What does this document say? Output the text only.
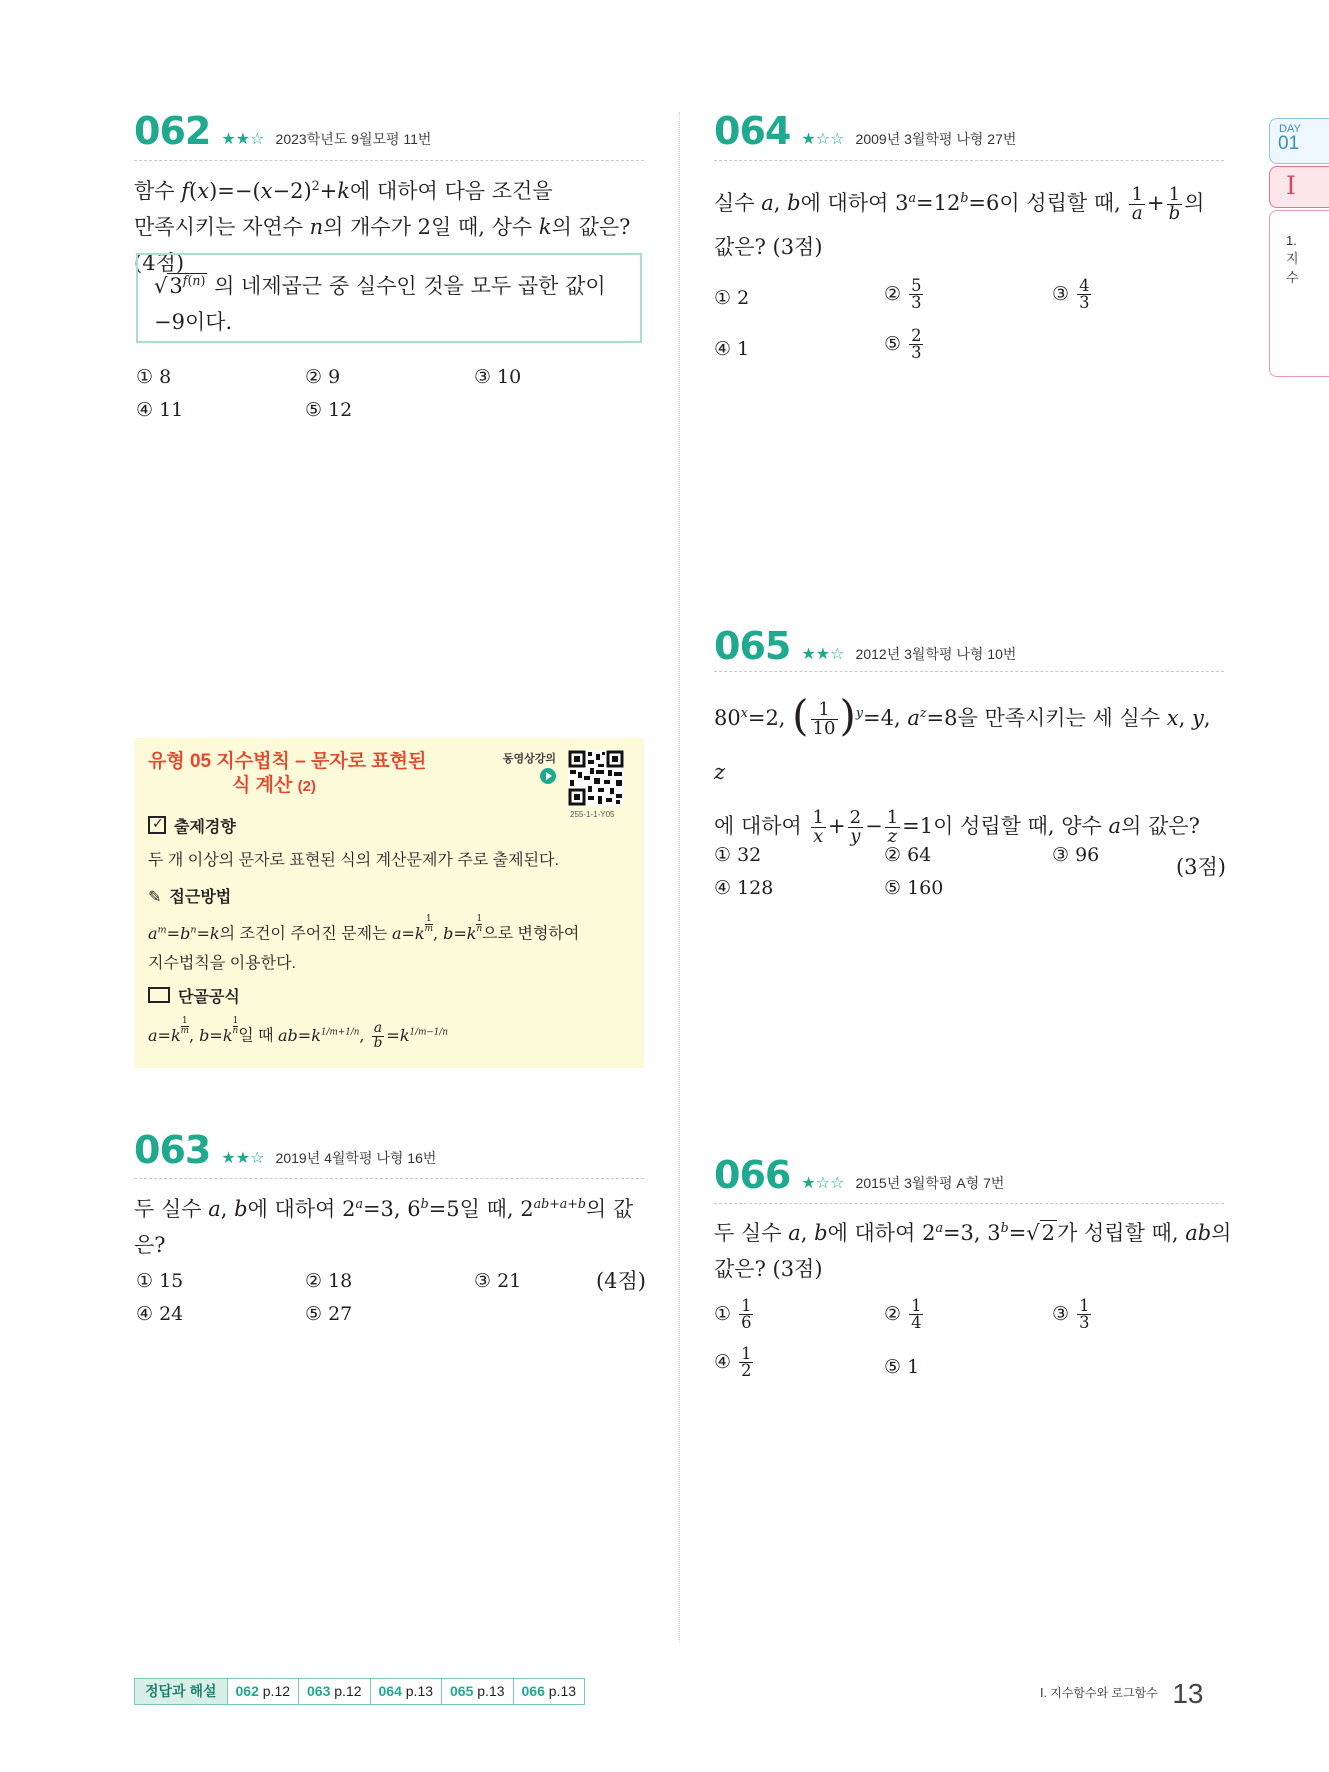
DAY
01
I
1.
지
수
062 ★★☆ 2023학년도 9월모평 11번
함수 $f(x)=-(x-2)^2+k$에 대하여 다음 조건을
만족시키는 자연수 n의 개수가 2일 때, 상수 k의 값은? (4점)
$√3^{f(n)}$ 의 네제곱근 중 실수인 것을 모두 곱한 값이
−9이다.
① 8	② 9	③ 10
④ 11	⑤ 12
유형 05 지수법칙 – 문자로 표현된
식 계산 (2)
동영상강의
255-1-1-Y05
✓ 출제경향
두 개 이상의 문자로 표현된 식의 계산문제가 주로 출제된다.
✎ 접근방법
$a^m=b^n=k$의 조건이 주어진 문제는 $a=k \frac{1}{m}$ , $b=k \frac{1}{n}$
으로 변형하여
지수법칙을 이용한다.
단골공식
$a=k \frac{1}{m}$ , $b=k \frac{1}{n}$
일 때 $ab=k^{1/m+1/n}$, $\frac{a}{b} =k^{1/m-1/n}$
063 ★★☆ 2019년 4월학평 나형 16번
두 실수 a, b에 대하여 $2^a=3$, $6^b=5$일 때, $2^{ab+a+b}$의 값은?
(4점)
① 15	② 18	③ 21
④ 24	⑤ 27
064 ★☆☆ 2009년 3월학평 나형 27번
실수 a, b에 대하여 $3^a=12^b=6$이 성립할 때, $\frac{1}{a} + \frac{1}{b}$ 의
값은? (3점)
① 2	② $\frac{5}{3}$	③ $\frac{4}{3}$
④ 1	⑤ $\frac{2}{3}$
065 ★★☆ 2012년 3월학평 나형 10번
$80^x=2$, ( $\frac{1}{10} )^y=4$, $a^z=8$을 만족시키는 세 실수 x, y, z
에 대하여 $\frac{1}{x} + \frac{2}{y} - \frac{1}{z} =1$이 성립할 때, 양수 a의 값은?
(3점)
① 32	② 64	③ 96
④ 128	⑤ 160
066 ★☆☆ 2015년 3월학평 A형 7번
두 실수 a, b에 대하여 $2^a=3$, $3^b=√2$가 성립할 때, ab의
값은? (3점)
① $\frac{1}{6}$	② $\frac{1}{4}$	③ $\frac{1}{3}$
④ $\frac{1}{2}$	⑤ 1
정답과 해설	062 p.12	063 p.12	064 p.13	065 p.13	066 p.13	$^{Ⅰ. 지수함수와 로그함수}$ 13
